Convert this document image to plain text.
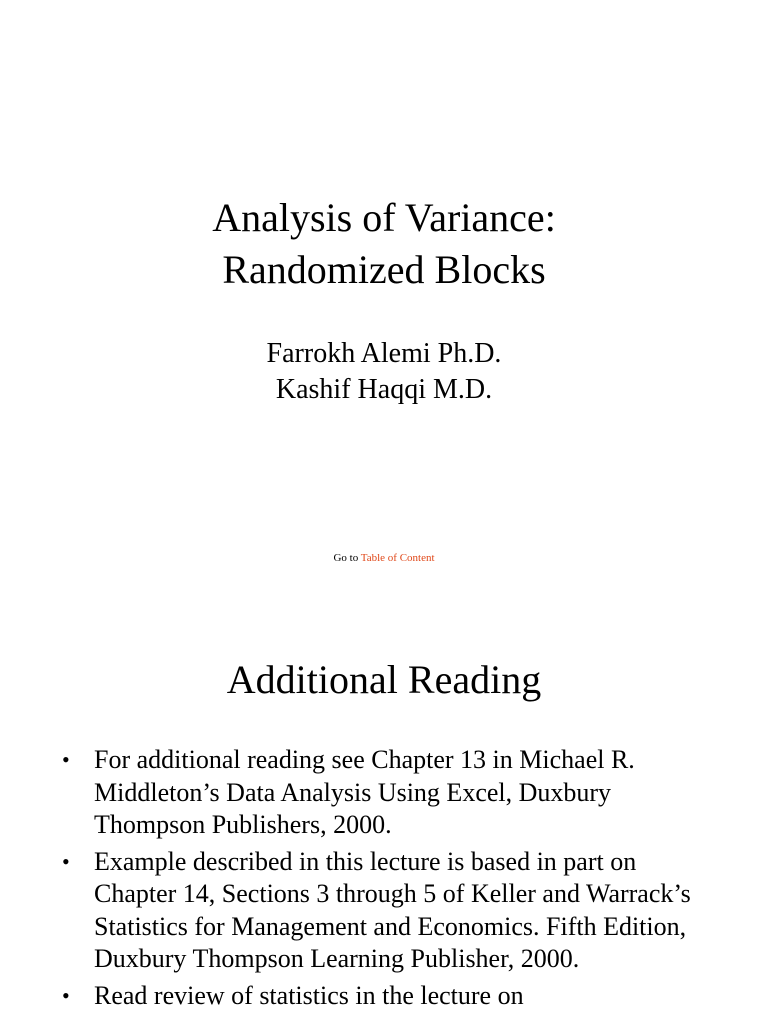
Analysis of Variance:
Randomized Blocks
Farrokh Alemi Ph.D.
Kashif Haqqi M.D.
Go to Table of Content
Additional Reading
• For additional reading see Chapter 13 in Michael R. Middleton’s Data Analysis Using Excel, Duxbury Thompson Publishers, 2000.
• Example described in this lecture is based in part on Chapter 14, Sections 3 through 5 of Keller and Warrack’s Statistics for Management and Economics. Fifth Edition, Duxbury Thompson Learning Publisher, 2000.
• Read review of statistics in the lecture on
